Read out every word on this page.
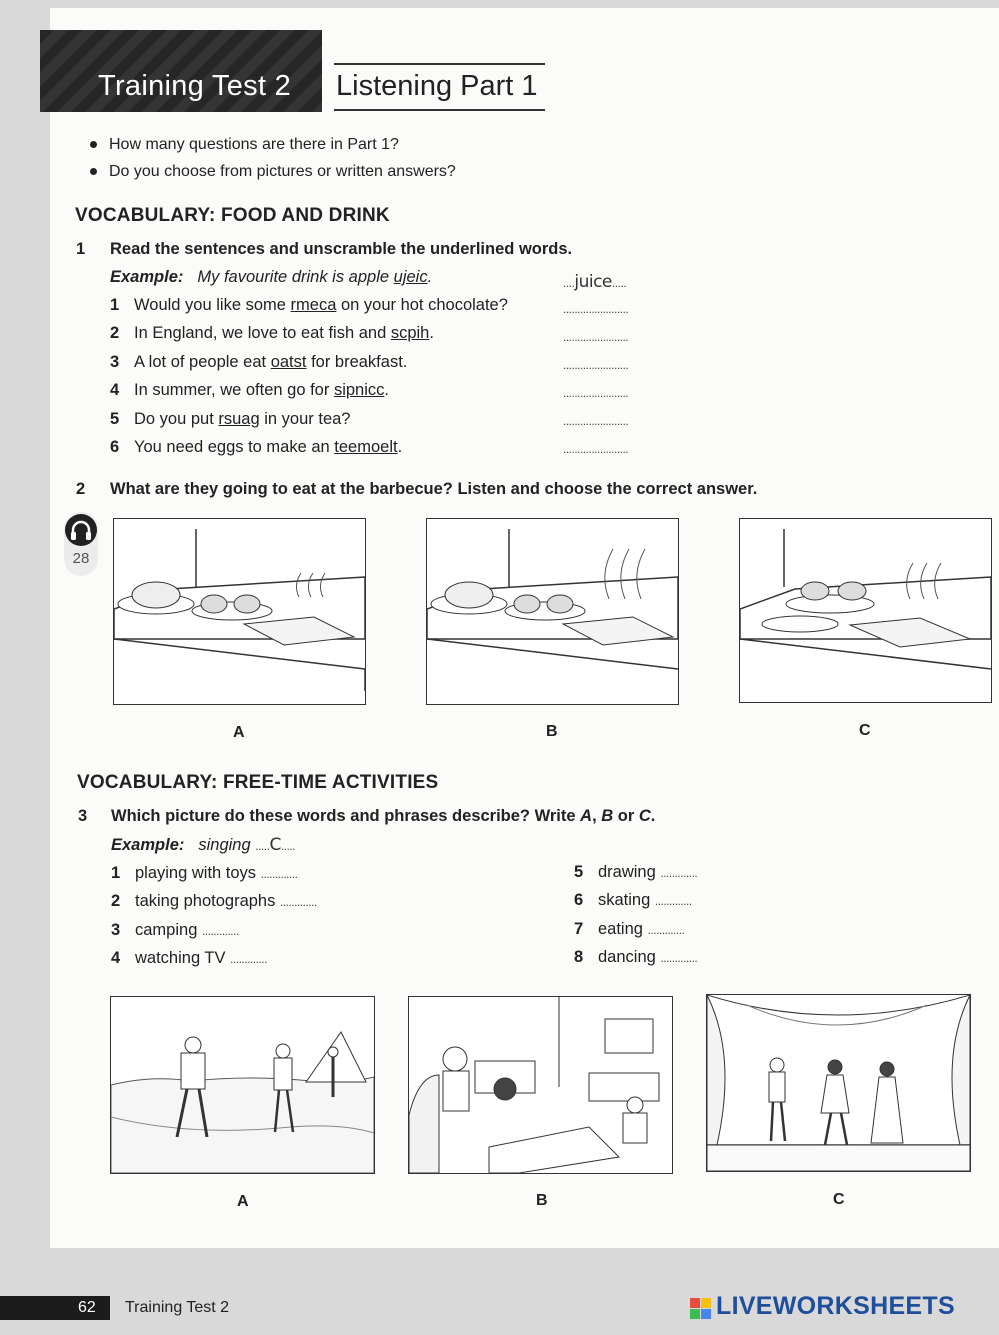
Training Test 2 Listening Part 1
How many questions are there in Part 1?
Do you choose from pictures or written answers?
VOCABULARY: FOOD AND DRINK
1 Read the sentences and unscramble the underlined words.
Example: My favourite drink is apple ujeic.	....juice.....
1 Would you like some rmeca on your hot chocolate?	.......................
2 In England, we love to eat fish and scpih.	.......................
3 A lot of people eat oatst for breakfast.	.......................
4 In summer, we often go for sipnicc.	.......................
5 Do you put rsuag in your tea?	.......................
6 You need eggs to make an teemoelt.	.......................
2 What are they going to eat at the barbecue? Listen and choose the correct answer.
28
A	B	C
VOCABULARY: FREE-TIME ACTIVITIES
3 Which picture do these words and phrases describe? Write A, B or C.
Example: singing .....C.....
1 playing with toys .............
2 taking photographs .............
3 camping .............
4 watching TV .............
5 drawing .............
6 skating .............
7 eating .............
8 dancing .............
A	B	C
62 Training Test 2	LIVEWORKSHEETS
